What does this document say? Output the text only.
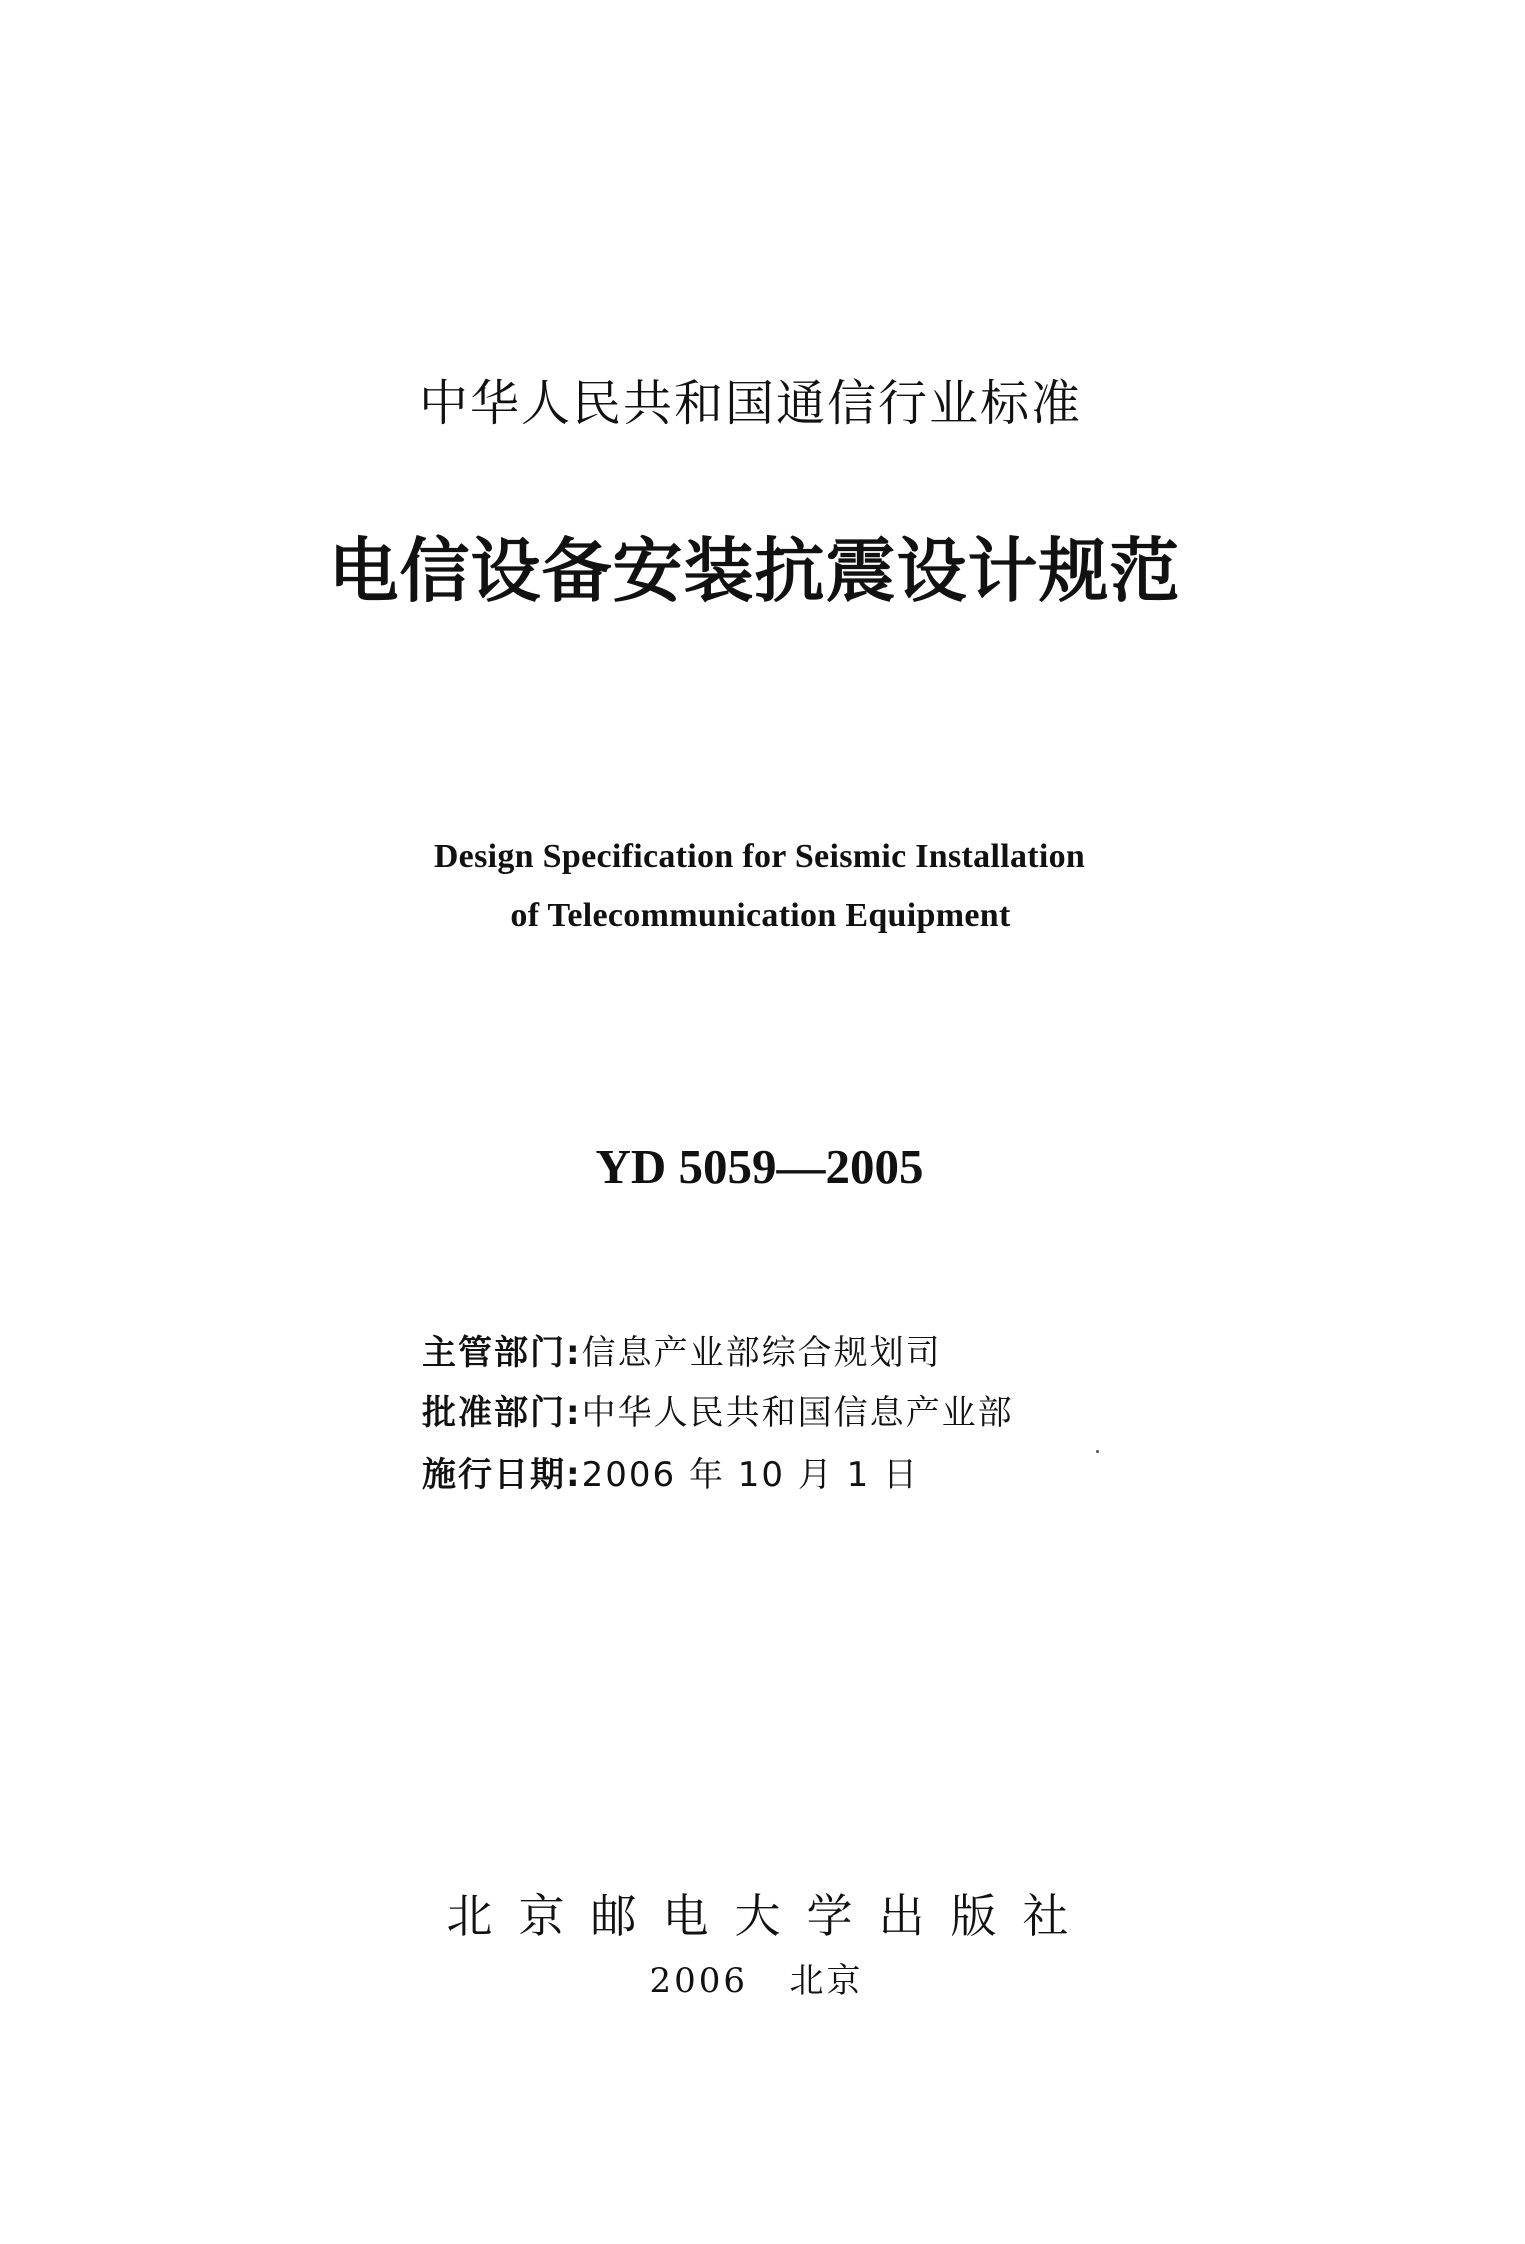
中华人民共和国通信行业标准
电信设备安装抗震设计规范
Design Specification for Seismic Installation
of Telecommunication Equipment
YD 5059—2005
主管部门:信息产业部综合规划司
批准部门:中华人民共和国信息产业部
施行日期:2006 年 10 月 1 日
北京邮电大学出版社
2006 北京
